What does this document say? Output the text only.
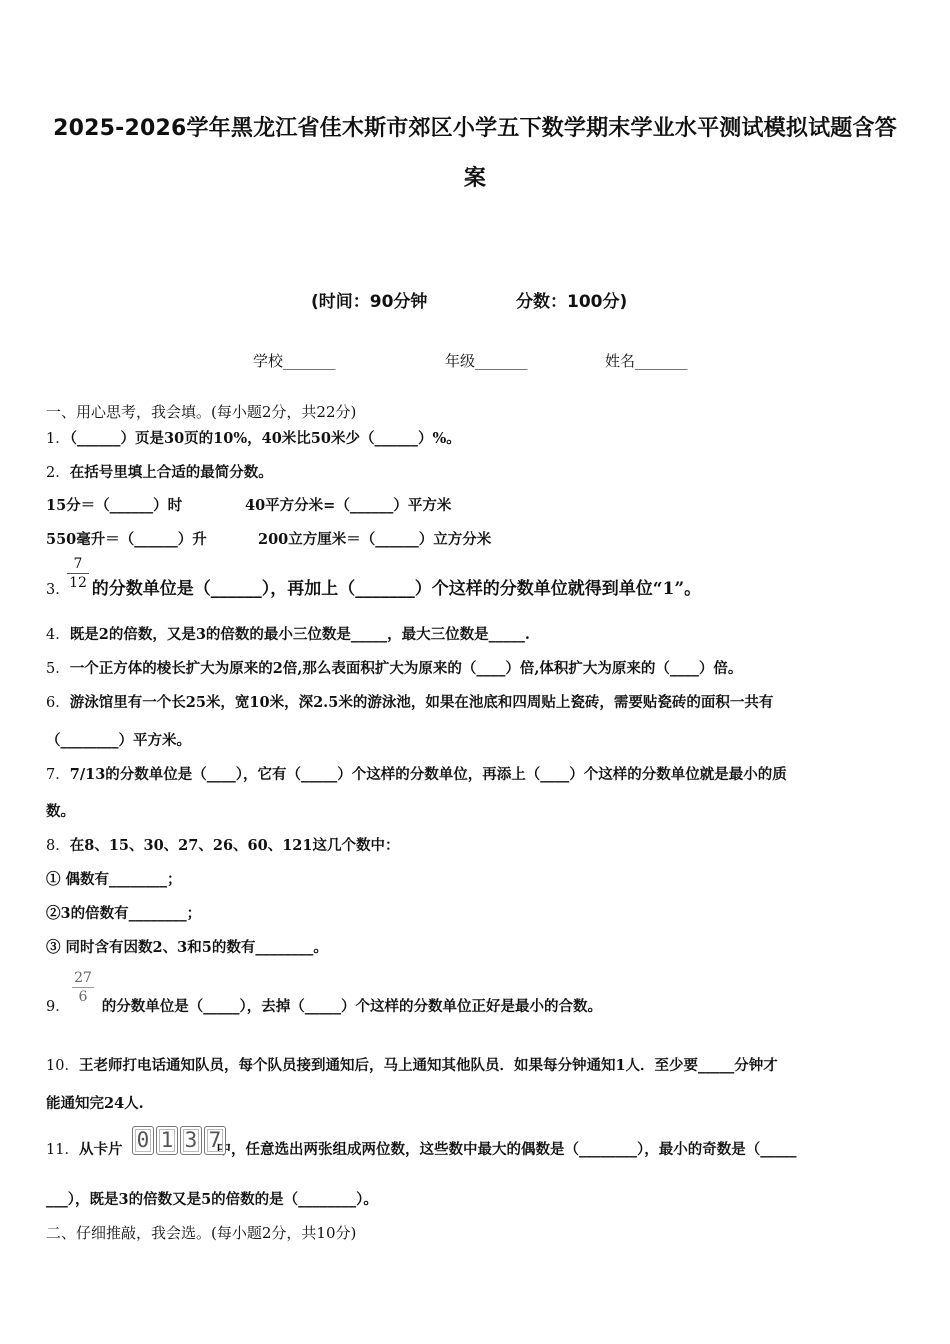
2025-2026学年黑龙江省佳木斯市郊区小学五下数学期末学业水平测试模拟试题含答
案
(时间：90分钟	分数：100分)
学校_______	年级_______	姓名_______
一、用心思考，我会填。(每小题2分，共22分)
1．（______）页是30页的10%，40米比50米少（______）%。
2．在括号里填上合适的最简分数。
15分＝（______）时	40平方分米=（______）平方米
550毫升＝（______）升	200立方厘米＝（______）立方分米
7
12
3． 的分数单位是（______），再加上（_______）个这样的分数单位就得到单位“1”。
4．既是2的倍数，又是3的倍数的最小三位数是_____，最大三位数是_____.
5．一个正方体的棱长扩大为原来的2倍,那么表面积扩大为原来的（____）倍,体积扩大为原来的（____）倍。
6．游泳馆里有一个长25米，宽10米，深2.5米的游泳池，如果在池底和四周贴上瓷砖，需要贴瓷砖的面积一共有
（________）平方米。
7．7/13的分数单位是（____），它有（_____）个这样的分数单位，再添上（____）个这样的分数单位就是最小的质
数。
8．在8、15、30、27、26、60、121这几个数中：
① 偶数有________；
②3的倍数有________；
③ 同时含有因数2、3和5的数有________。
27
6
9． 的分数单位是（_____），去掉（_____）个这样的分数单位正好是最小的合数。
10．王老师打电话通知队员，每个队员接到通知后，马上通知其他队员．如果每分钟通知1人．至少要_____分钟才
能通知完24人.
11．从卡片	中，任意选出两张组成两位数，这些数中最大的偶数是（________），最小的奇数是（_____
0 1 3 7
___），既是3的倍数又是5的倍数的是（________）。
二、仔细推敲，我会选。(每小题2分，共10分)
